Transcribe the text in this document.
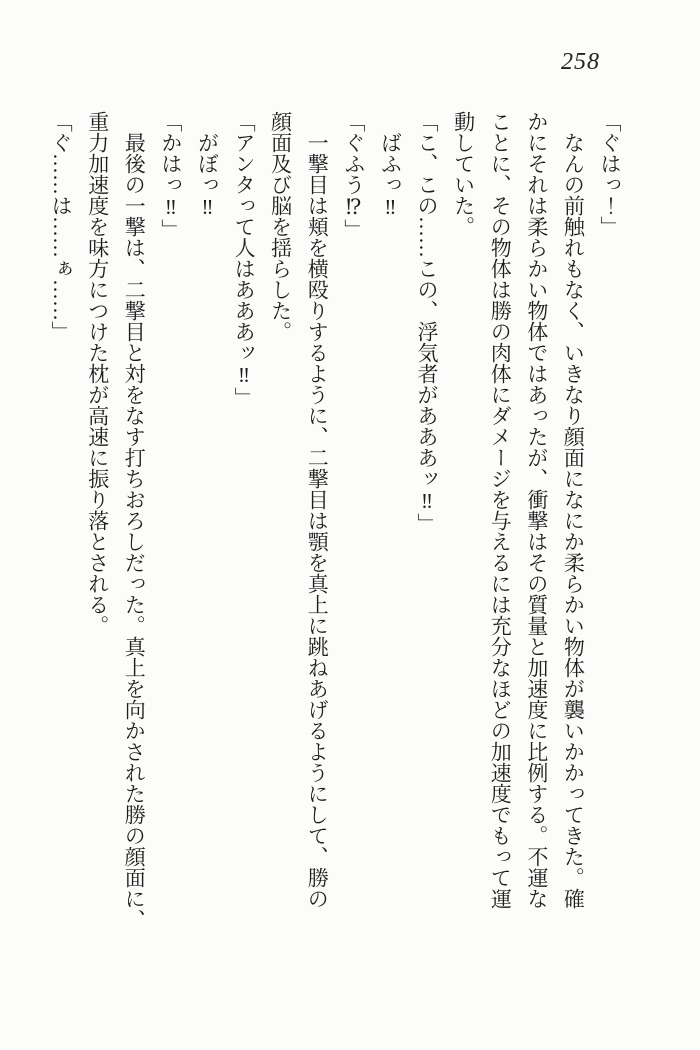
258

「ぐはっ！」

　なんの前触れもなく、いきなり顔面になにか柔らかい物体が襲いかかってきた。確

かにそれは柔らかい物体ではあったが、衝撃はその質量と加速度に比例する。不運な

ことに、その物体は勝の肉体にダメージを与えるには充分なほどの加速度でもって運

動していた。

「こ、この……この、浮気者があああッ‼」

　ばふっ‼

「ぐふう⁉」

　一撃目は頬を横殴りするように、二撃目は顎を真上に跳ねあげるようにして、勝の

顔面及び脳を揺らした。

「アンタって人はあああッ‼」

　がぼっ‼

「かはっ‼」

　最後の一撃は、二撃目と対をなす打ちおろしだった。真上を向かされた勝の顔面に、

重力加速度を味方につけた枕が高速に振り落とされる。

「ぐ……は……ぁ……」
